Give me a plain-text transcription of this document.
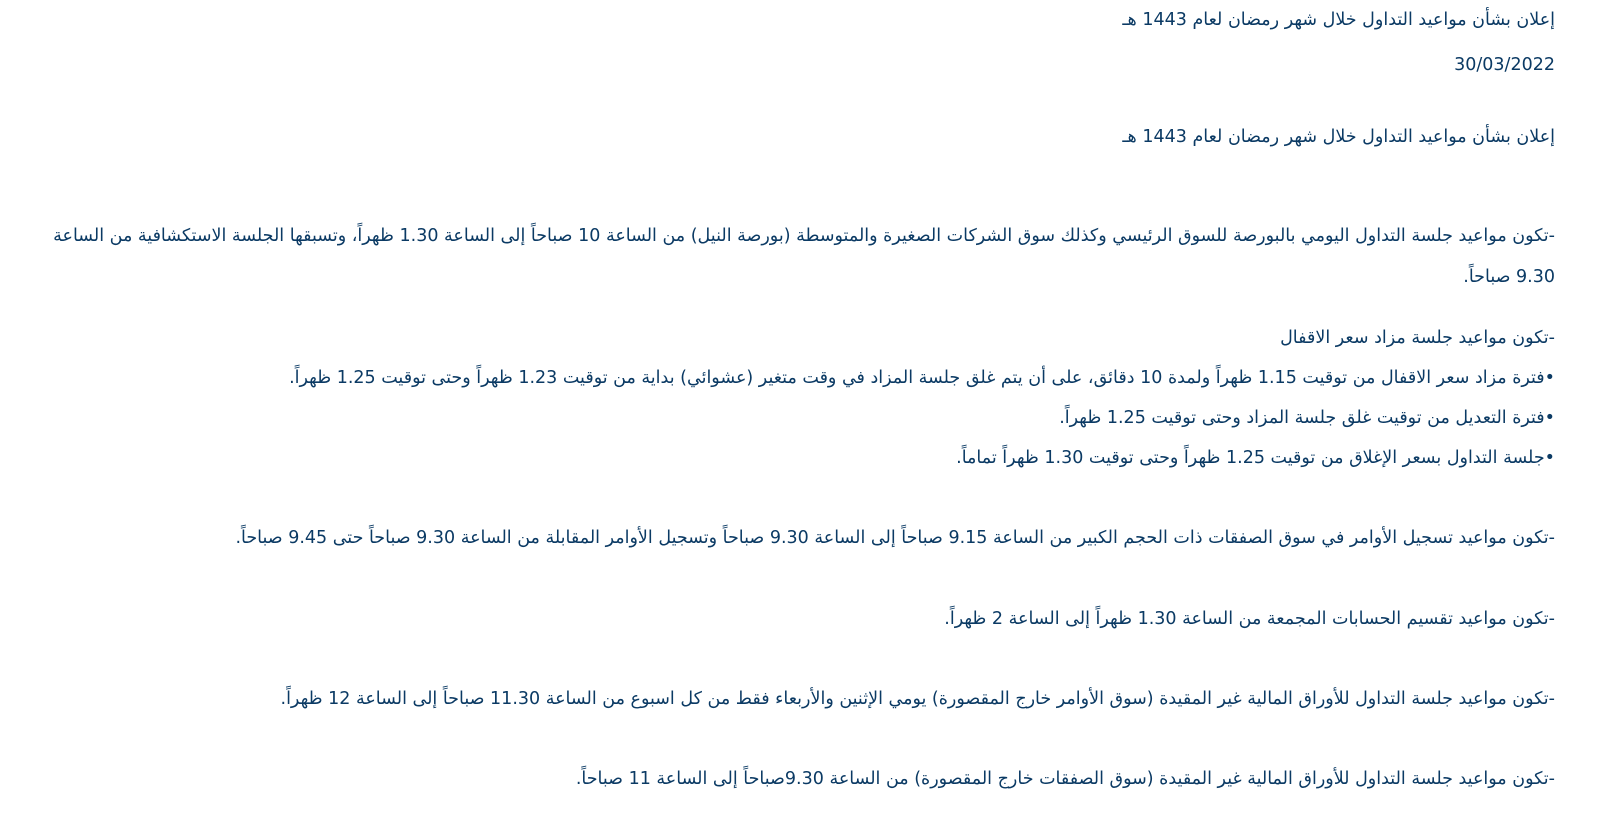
إعلان بشأن مواعيد التداول خلال شهر رمضان لعام 1443 هـ

30/03/2022

إعلان بشأن مواعيد التداول خلال شهر رمضان لعام 1443 هـ

-تكون مواعيد جلسة التداول اليومي بالبورصة للسوق الرئيسي وكذلك سوق الشركات الصغيرة والمتوسطة (بورصة النيل) من الساعة 10 صباحاً إلى الساعة 1.30 ظهراً، وتسبقها الجلسة الاستكشافية من الساعة 9.30 صباحاً.

-تكون مواعيد جلسة مزاد سعر الاقفال

•فترة مزاد سعر الاقفال من توقيت 1.15 ظهراً ولمدة 10 دقائق، على أن يتم غلق جلسة المزاد في وقت متغير (عشوائي) بداية من توقيت 1.23 ظهراً وحتى توقيت 1.25 ظهراً.

•فترة التعديل من توقيت غلق جلسة المزاد وحتى توقيت 1.25 ظهراً.

•جلسة التداول بسعر الإغلاق من توقيت 1.25 ظهراً وحتى توقيت 1.30 ظهراً تماماً.

-تكون مواعيد تسجيل الأوامر في سوق الصفقات ذات الحجم الكبير من الساعة 9.15 صباحاً إلى الساعة 9.30 صباحاً وتسجيل الأوامر المقابلة من الساعة 9.30 صباحاً حتى 9.45 صباحاً.

-تكون مواعيد تقسيم الحسابات المجمعة من الساعة 1.30 ظهراً إلى الساعة 2 ظهراً.

-تكون مواعيد جلسة التداول للأوراق المالية غير المقيدة (سوق الأوامر خارج المقصورة) يومي الإثنين والأربعاء فقط من كل اسبوع من الساعة 11.30 صباحاً إلى الساعة 12 ظهراً.

-تكون مواعيد جلسة التداول للأوراق المالية غير المقيدة (سوق الصفقات خارج المقصورة) من الساعة 9.30صباحاً إلى الساعة 11 صباحاً.
